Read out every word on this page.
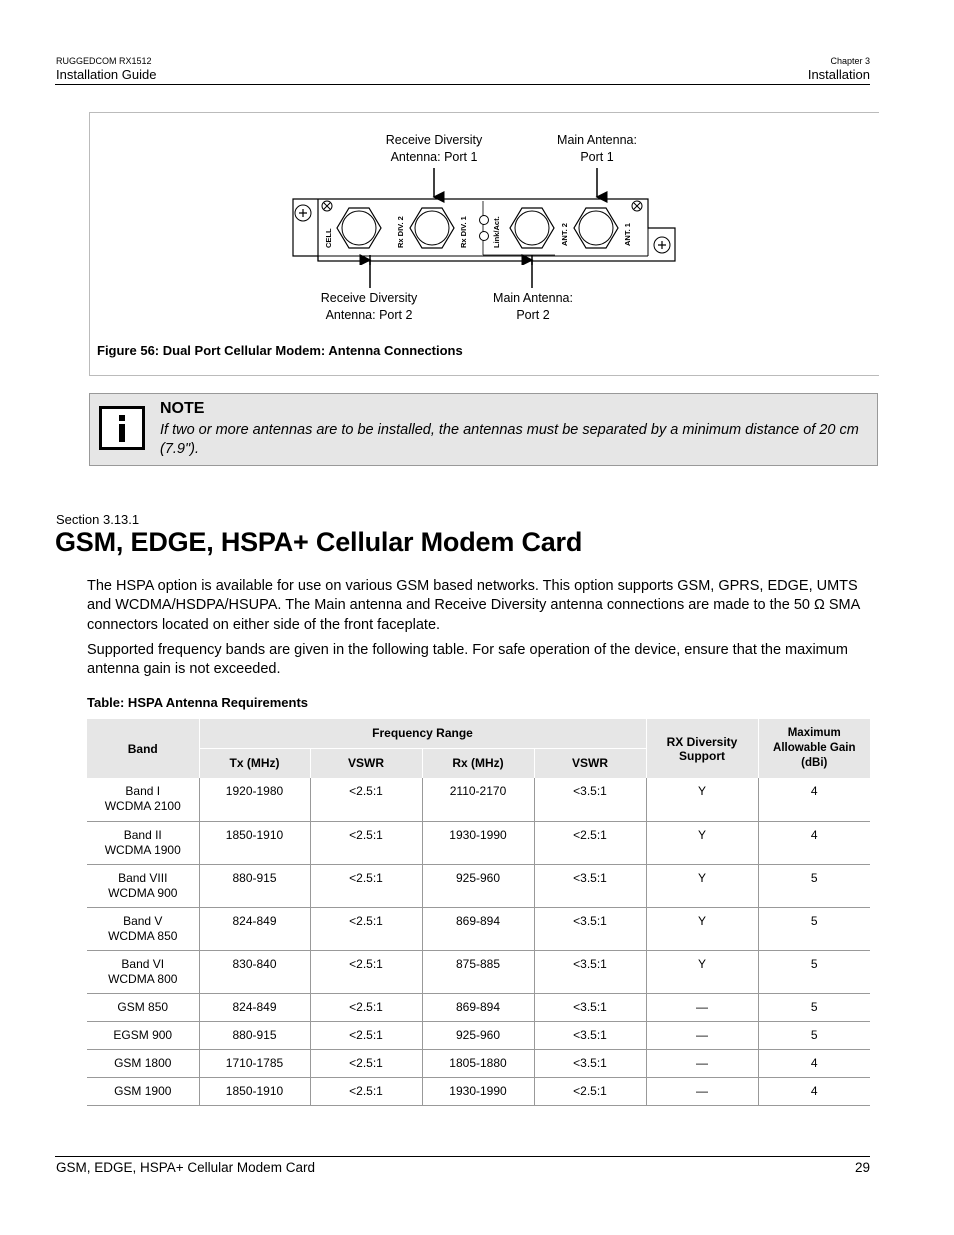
RUGGEDCOM RX1512
Installation Guide
Chapter 3
Installation
Receive Diversity
Antenna: Port 1
Main Antenna:
Port 1
Receive Diversity
Antenna: Port 2
Main Antenna:
Port 2
CELL	Rx DIV. 2	Rx DIV. 1	Link/Act.	ANT. 2	ANT. 1
Figure 56: Dual Port Cellular Modem: Antenna Connections
NOTE
If two or more antennas are to be installed, the antennas must be separated by a minimum distance of 20 cm (7.9").
Section 3.13.1
GSM, EDGE, HSPA+ Cellular Modem Card
The HSPA option is available for use on various GSM based networks. This option supports GSM, GPRS, EDGE, UMTS and WCDMA/HSDPA/HSUPA. The Main antenna and Receive Diversity antenna connections are made to the 50 Ω SMA connectors located on either side of the front faceplate.
Supported frequency bands are given in the following table. For safe operation of the device, ensure that the maximum antenna gain is not exceeded.
Table: HSPA Antenna Requirements
Band	Frequency Range				RX Diversity Support	Maximum Allowable Gain (dBi)
	Tx (MHz)	VSWR	Rx (MHz)	VSWR		
Band I
WCDMA 2100	1920-1980	<2.5:1	2110-2170	<3.5:1	Y	4
Band II
WCDMA 1900	1850-1910	<2.5:1	1930-1990	<2.5:1	Y	4
Band VIII
WCDMA 900	880-915	<2.5:1	925-960	<3.5:1	Y	5
Band V
WCDMA 850	824-849	<2.5:1	869-894	<3.5:1	Y	5
Band VI
WCDMA 800	830-840	<2.5:1	875-885	<3.5:1	Y	5
GSM 850	824-849	<2.5:1	869-894	<3.5:1	—	5
EGSM 900	880-915	<2.5:1	925-960	<3.5:1	—	5
GSM 1800	1710-1785	<2.5:1	1805-1880	<3.5:1	—	4
GSM 1900	1850-1910	<2.5:1	1930-1990	<2.5:1	—	4
GSM, EDGE, HSPA+ Cellular Modem Card	29
